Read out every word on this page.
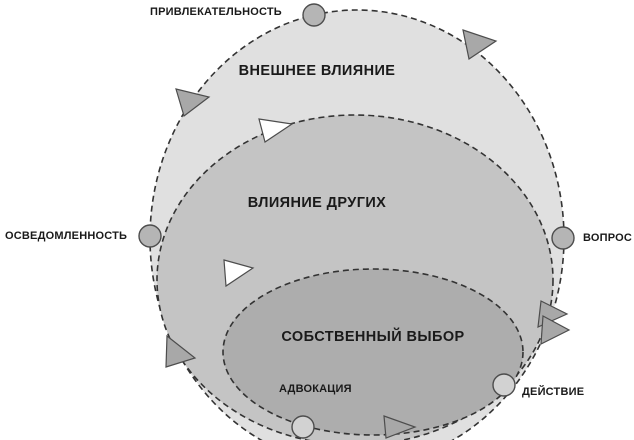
ВНЕШНЕЕ ВЛИЯНИЕ
ВЛИЯНИЕ ДРУГИХ
СОБСТВЕННЫЙ ВЫБОР
ПРИВЛЕКАТЕЛЬНОСТЬ
ОСВЕДОМЛЕННОСТЬ	ВОПРОС
ДЕЙСТВИЕ
АДВОКАЦИЯ
